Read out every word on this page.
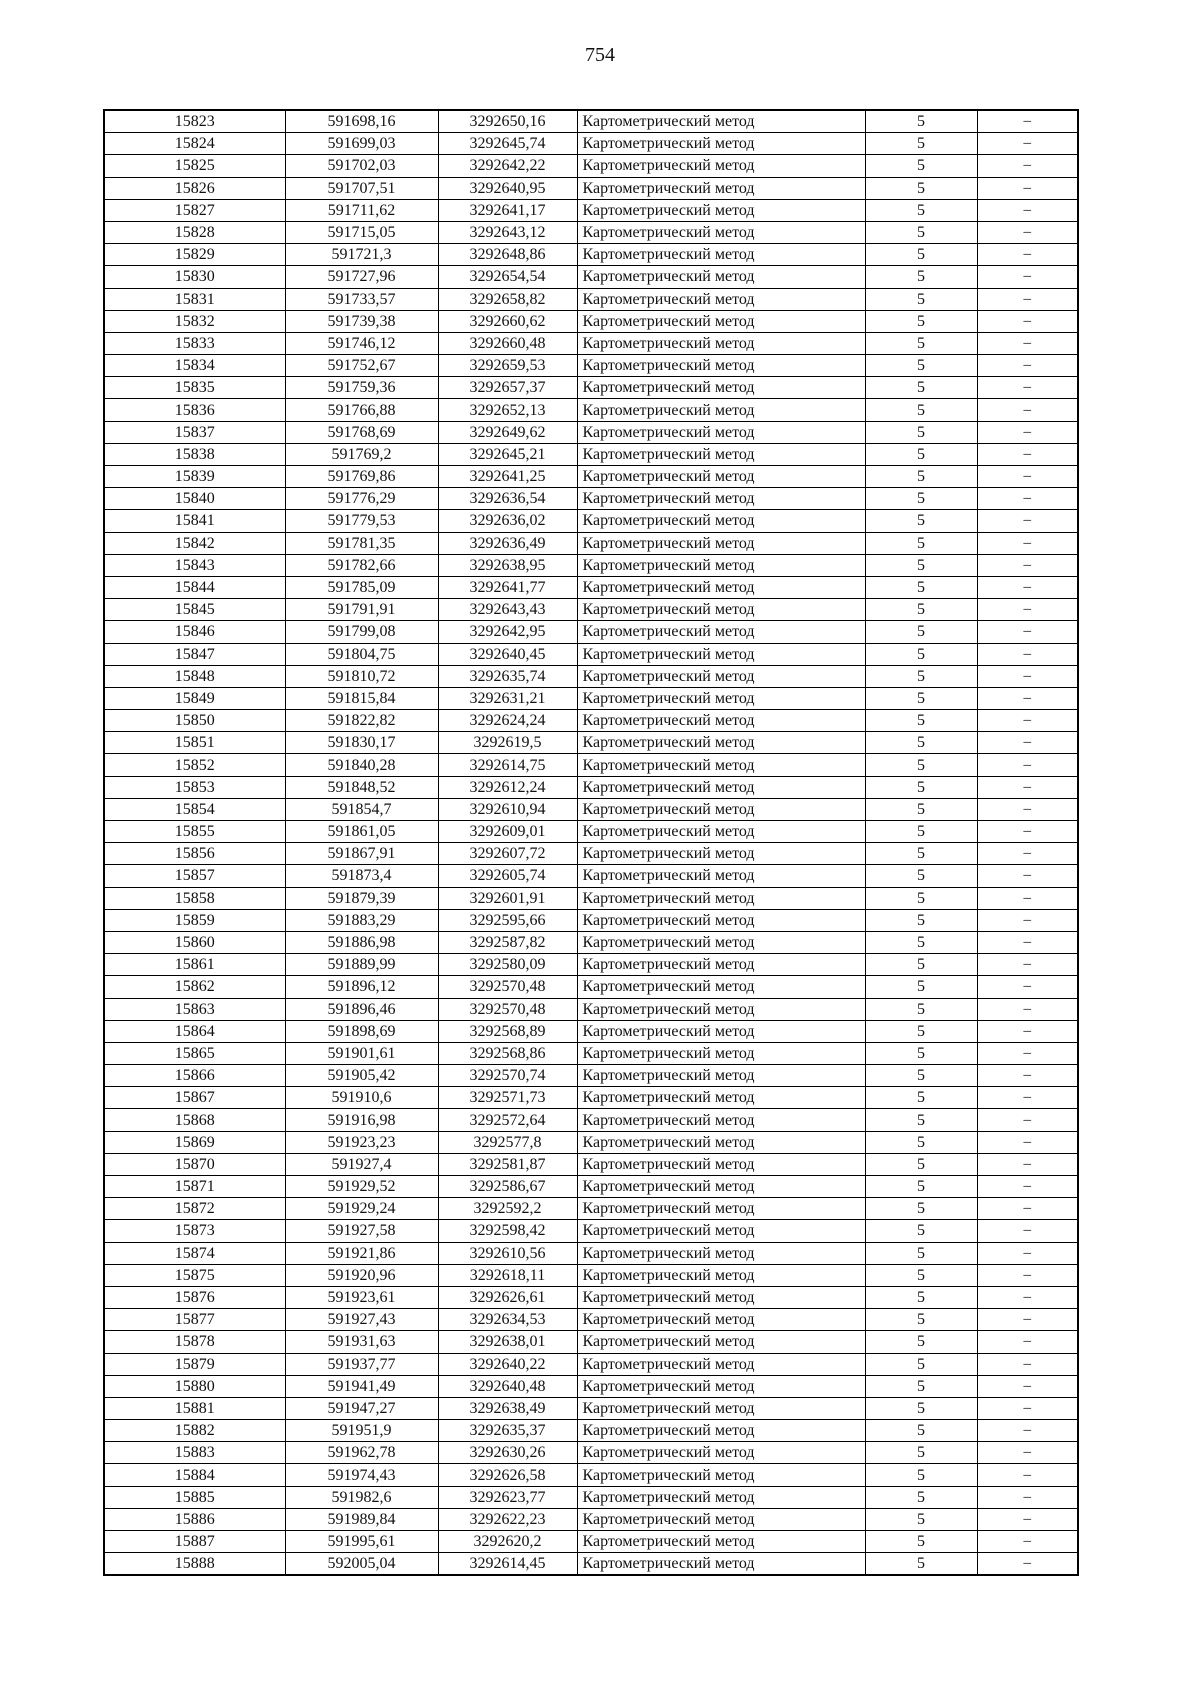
754
15823	591698,16	3292650,16	Картометрический метод	5	–
15824	591699,03	3292645,74	Картометрический метод	5	–
15825	591702,03	3292642,22	Картометрический метод	5	–
15826	591707,51	3292640,95	Картометрический метод	5	–
15827	591711,62	3292641,17	Картометрический метод	5	–
15828	591715,05	3292643,12	Картометрический метод	5	–
15829	591721,3	3292648,86	Картометрический метод	5	–
15830	591727,96	3292654,54	Картометрический метод	5	–
15831	591733,57	3292658,82	Картометрический метод	5	–
15832	591739,38	3292660,62	Картометрический метод	5	–
15833	591746,12	3292660,48	Картометрический метод	5	–
15834	591752,67	3292659,53	Картометрический метод	5	–
15835	591759,36	3292657,37	Картометрический метод	5	–
15836	591766,88	3292652,13	Картометрический метод	5	–
15837	591768,69	3292649,62	Картометрический метод	5	–
15838	591769,2	3292645,21	Картометрический метод	5	–
15839	591769,86	3292641,25	Картометрический метод	5	–
15840	591776,29	3292636,54	Картометрический метод	5	–
15841	591779,53	3292636,02	Картометрический метод	5	–
15842	591781,35	3292636,49	Картометрический метод	5	–
15843	591782,66	3292638,95	Картометрический метод	5	–
15844	591785,09	3292641,77	Картометрический метод	5	–
15845	591791,91	3292643,43	Картометрический метод	5	–
15846	591799,08	3292642,95	Картометрический метод	5	–
15847	591804,75	3292640,45	Картометрический метод	5	–
15848	591810,72	3292635,74	Картометрический метод	5	–
15849	591815,84	3292631,21	Картометрический метод	5	–
15850	591822,82	3292624,24	Картометрический метод	5	–
15851	591830,17	3292619,5	Картометрический метод	5	–
15852	591840,28	3292614,75	Картометрический метод	5	–
15853	591848,52	3292612,24	Картометрический метод	5	–
15854	591854,7	3292610,94	Картометрический метод	5	–
15855	591861,05	3292609,01	Картометрический метод	5	–
15856	591867,91	3292607,72	Картометрический метод	5	–
15857	591873,4	3292605,74	Картометрический метод	5	–
15858	591879,39	3292601,91	Картометрический метод	5	–
15859	591883,29	3292595,66	Картометрический метод	5	–
15860	591886,98	3292587,82	Картометрический метод	5	–
15861	591889,99	3292580,09	Картометрический метод	5	–
15862	591896,12	3292570,48	Картометрический метод	5	–
15863	591896,46	3292570,48	Картометрический метод	5	–
15864	591898,69	3292568,89	Картометрический метод	5	–
15865	591901,61	3292568,86	Картометрический метод	5	–
15866	591905,42	3292570,74	Картометрический метод	5	–
15867	591910,6	3292571,73	Картометрический метод	5	–
15868	591916,98	3292572,64	Картометрический метод	5	–
15869	591923,23	3292577,8	Картометрический метод	5	–
15870	591927,4	3292581,87	Картометрический метод	5	–
15871	591929,52	3292586,67	Картометрический метод	5	–
15872	591929,24	3292592,2	Картометрический метод	5	–
15873	591927,58	3292598,42	Картометрический метод	5	–
15874	591921,86	3292610,56	Картометрический метод	5	–
15875	591920,96	3292618,11	Картометрический метод	5	–
15876	591923,61	3292626,61	Картометрический метод	5	–
15877	591927,43	3292634,53	Картометрический метод	5	–
15878	591931,63	3292638,01	Картометрический метод	5	–
15879	591937,77	3292640,22	Картометрический метод	5	–
15880	591941,49	3292640,48	Картометрический метод	5	–
15881	591947,27	3292638,49	Картометрический метод	5	–
15882	591951,9	3292635,37	Картометрический метод	5	–
15883	591962,78	3292630,26	Картометрический метод	5	–
15884	591974,43	3292626,58	Картометрический метод	5	–
15885	591982,6	3292623,77	Картометрический метод	5	–
15886	591989,84	3292622,23	Картометрический метод	5	–
15887	591995,61	3292620,2	Картометрический метод	5	–
15888	592005,04	3292614,45	Картометрический метод	5	–
